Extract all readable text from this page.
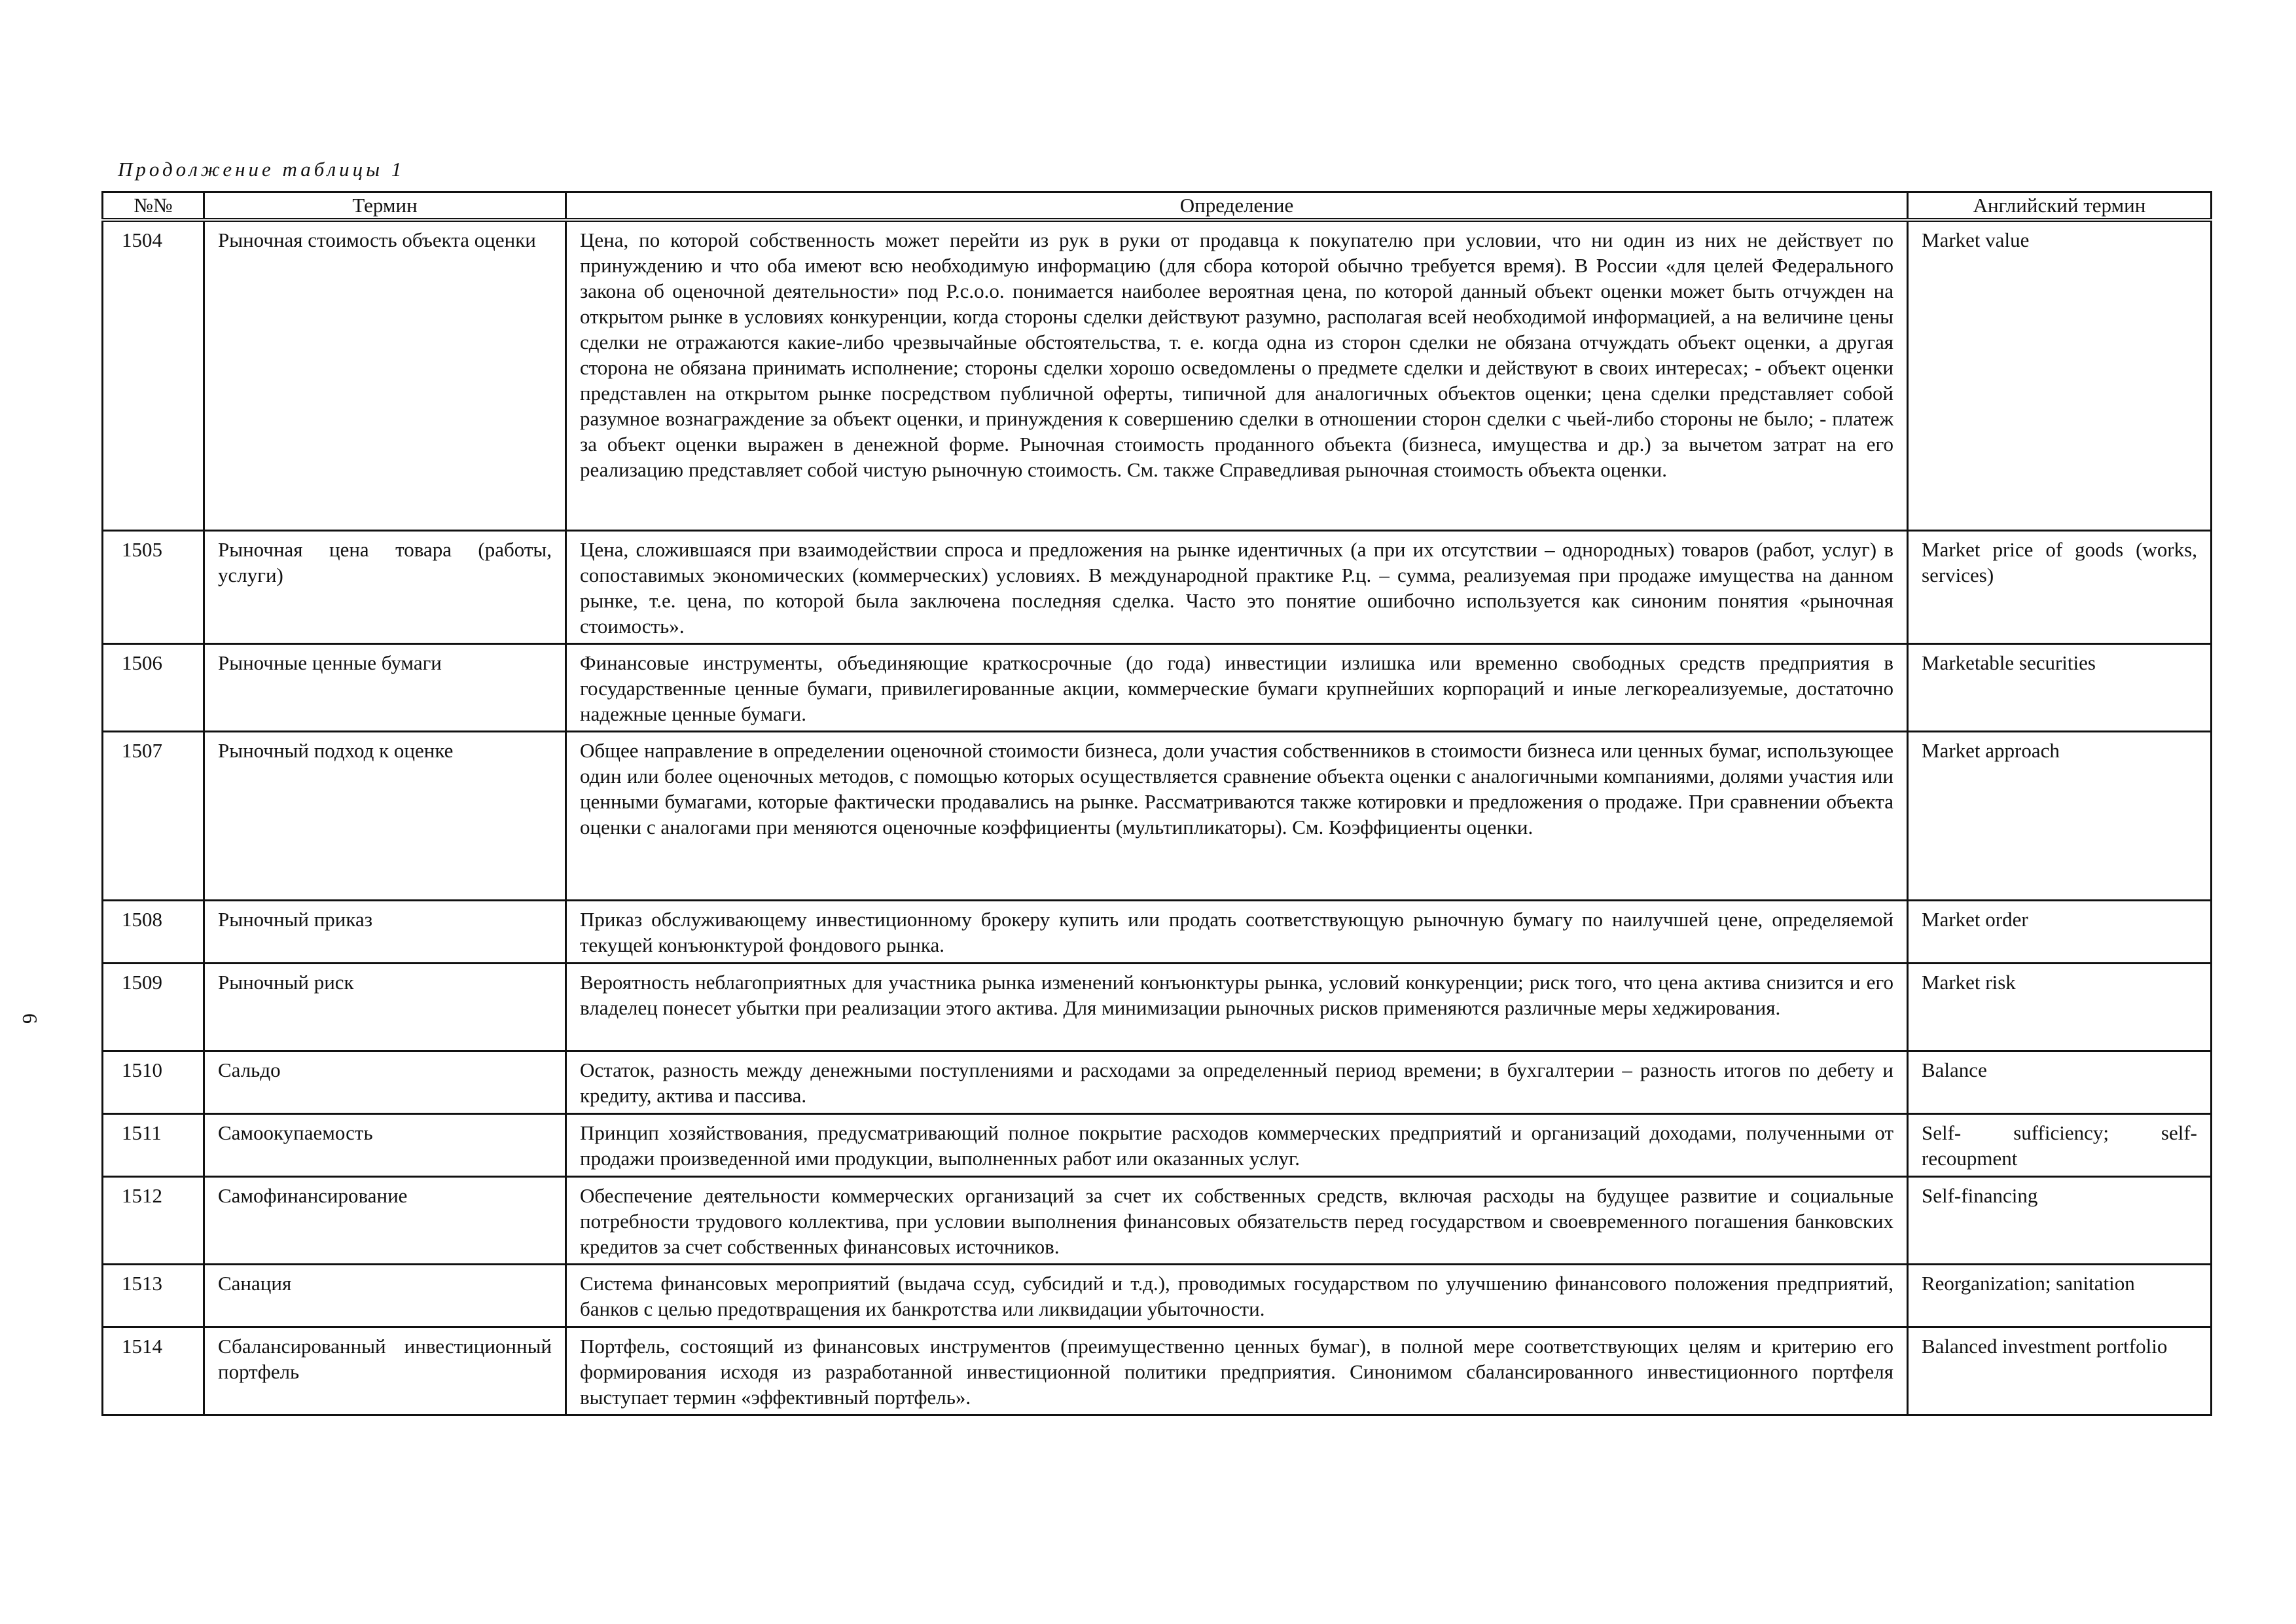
Продолжение таблицы 1
6
№№	Термин	Определение	Английский термин
1504	Рыночная стоимость объекта оценки	Цена, по которой собственность может перейти из рук в руки от продавца к покупателю при условии, что ни один из них не действует по принуждению и что оба имеют всю необходимую информацию (для сбора которой обычно требуется время). В России «для целей Федерального закона об оценочной деятельности» под Р.с.о.о. понимается наиболее вероятная цена, по которой данный объект оценки может быть отчужден на открытом рынке в условиях конкуренции, когда стороны сделки действуют разумно, располагая всей необходимой информацией, а на величине цены сделки не отражаются какие-либо чрезвычайные обстоятельства, т. е. когда одна из сторон сделки не обязана отчуждать объект оценки, а другая сторона не обязана принимать исполнение; стороны сделки хорошо осведомлены о предмете сделки и действуют в своих интересах; - объект оценки представлен на открытом рынке посредством публичной оферты, типичной для аналогичных объектов оценки; цена сделки представляет собой разумное вознаграждение за объект оценки, и принуждения к совершению сделки в отношении сторон сделки с чьей-либо стороны не было; - платеж за объект оценки выражен в денежной форме. Рыночная стоимость проданного объекта (бизнеса, имущества и др.) за вычетом затрат на его реализацию представляет собой чистую рыночную стоимость. См. также Справедливая рыночная стоимость объекта оценки.	Market value
1505	Рыночная цена товара (работы, услуги)	Цена, сложившаяся при взаимодействии спроса и предложения на рынке идентичных (а при их отсутствии – однородных) товаров (работ, услуг) в сопоставимых экономических (коммерческих) условиях. В международной практике Р.ц. – сумма, реализуемая при продаже имущества на данном рынке, т.е. цена, по которой была заключена последняя сделка. Часто это понятие ошибочно используется как синоним понятия «рыночная стоимость».	Market price of goods (works, services)
1506	Рыночные ценные бумаги	Финансовые инструменты, объединяющие краткосрочные (до года) инвестиции излишка или временно свободных средств предприятия в государственные ценные бумаги, привилегированные акции, коммерческие бумаги крупнейших корпораций и иные легкореализуемые, достаточно надежные ценные бумаги.	Marketable securities
1507	Рыночный подход к оценке	Общее направление в определении оценочной стоимости бизнеса, доли участия собственников в стоимости бизнеса или ценных бумаг, использующее один или более оценочных методов, с помощью которых осуществляется сравнение объекта оценки с аналогичными компаниями, долями участия или ценными бумагами, которые фактически продавались на рынке. Рассматриваются также котировки и предложения о продаже. При сравнении объекта оценки с аналогами при меняются оценочные коэффициенты (мультипликаторы). См. Коэффициенты оценки.	Market approach
1508	Рыночный приказ	Приказ обслуживающему инвестиционному брокеру купить или продать соответствующую рыночную бумагу по наилучшей цене, определяемой текущей конъюнктурой фондового рынка.	Market order
1509	Рыночный риск	Вероятность неблагоприятных для участника рынка изменений конъюнктуры рынка, условий конкуренции; риск того, что цена актива снизится и его владелец понесет убытки при реализации этого актива. Для минимизации рыночных рисков применяются различные меры хеджирования.	Market risk
1510	Сальдо	Остаток, разность между денежными поступлениями и расходами за определенный период времени; в бухгалтерии – разность итогов по дебету и кредиту, актива и пассива.	Balance
1511	Самоокупаемость	Принцип хозяйствования, предусматривающий полное покрытие расходов коммерческих предприятий и организаций доходами, полученными от продажи произведенной ими продукции, выполненных работ или оказанных услуг.	Self- sufficiency; self-recoupment
1512	Самофинансирование	Обеспечение деятельности коммерческих организаций за счет их собственных средств, включая расходы на будущее развитие и социальные потребности трудового коллектива, при условии выполнения финансовых обязательств перед государством и своевременного погашения банковских кредитов за счет собственных финансовых источников.	Self-financing
1513	Санация	Система финансовых мероприятий (выдача ссуд, субсидий и т.д.), проводимых государством по улучшению финансового положения предприятий, банков с целью предотвращения их банкротства или ликвидации убыточности.	Reorganization; sanitation
1514	Сбалансированный инвестиционный портфель	Портфель, состоящий из финансовых инструментов (преимущественно ценных бумаг), в полной мере соответствующих целям и критерию его формирования исходя из разработанной инвестиционной политики предприятия. Синонимом сбалансированного инвестиционного портфеля выступает термин «эффективный портфель».	Balanced investment portfolio
